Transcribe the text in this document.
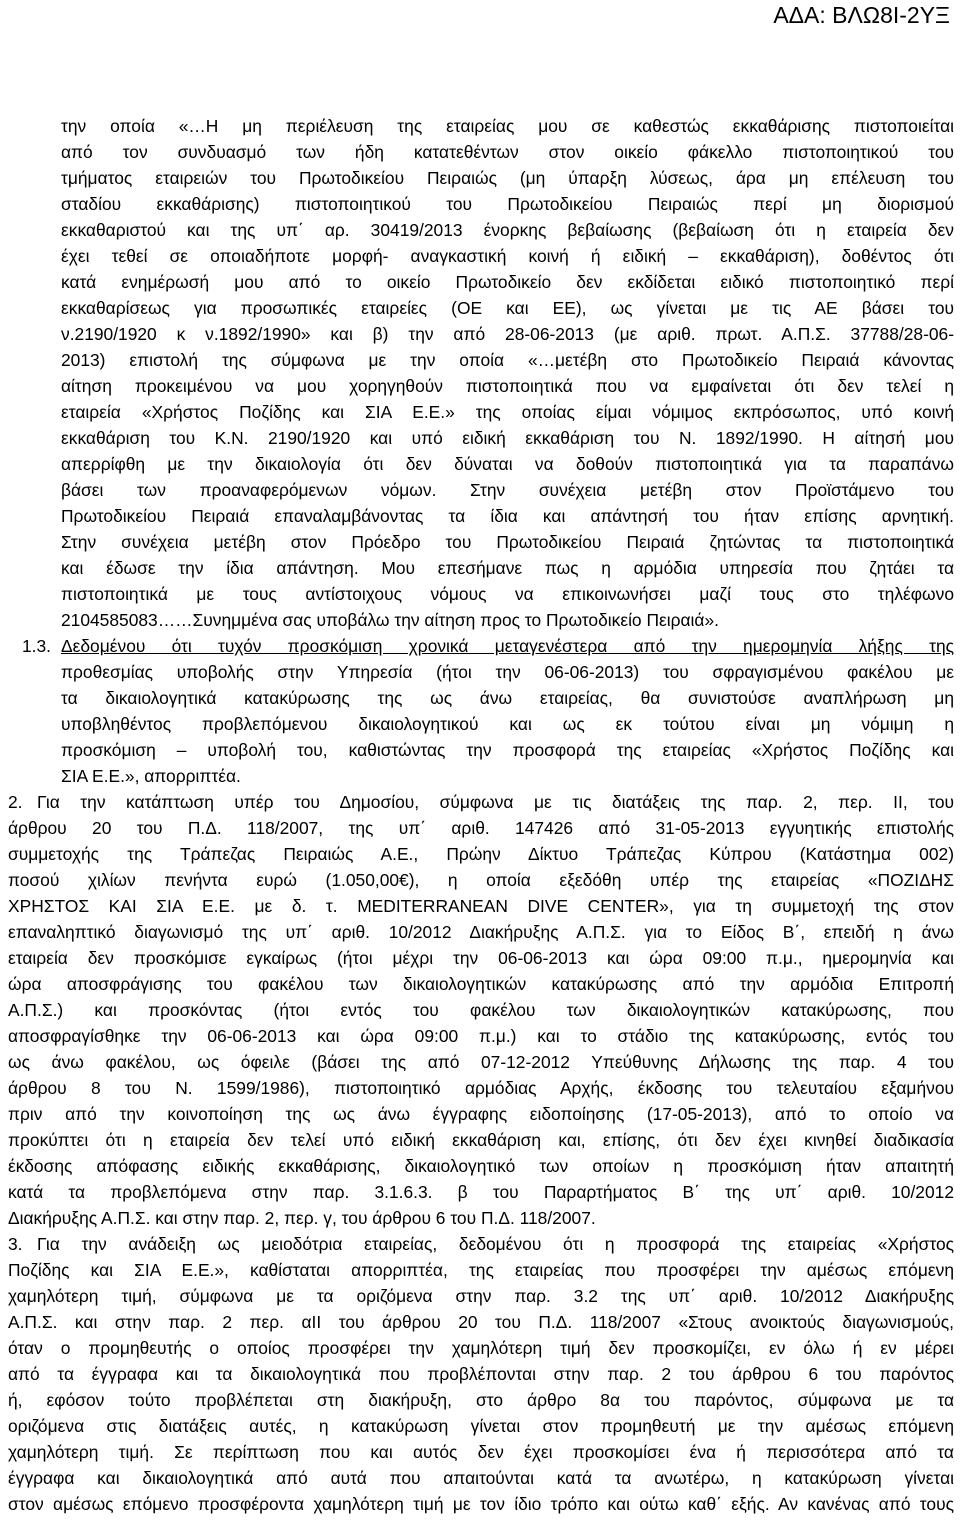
ΑΔΑ: ΒΛΩ8Ι-2ΥΞ
την οποία «…Η μη περιέλευση της εταιρείας μου σε καθεστώς εκκαθάρισης πιστοποιείται
από τον συνδυασμό των ήδη κατατεθέντων στον οικείο φάκελλο πιστοποιητικού του
τμήματος εταιρειών του Πρωτοδικείου Πειραιώς (μη ύπαρξη λύσεως, άρα μη επέλευση του
σταδίου εκκαθάρισης) πιστοποιητικού του Πρωτοδικείου Πειραιώς περί μη διορισμού
εκκαθαριστού και της υπ΄ αρ. 30419/2013 ένορκης βεβαίωσης (βεβαίωση ότι η εταιρεία δεν
έχει τεθεί σε οποιαδήποτε μορφή- αναγκαστική κοινή ή ειδική – εκκαθάριση), δοθέντος ότι
κατά ενημέρωσή μου από το οικείο Πρωτοδικείο δεν εκδίδεται ειδικό πιστοποιητικό περί
εκκαθαρίσεως για προσωπικές εταιρείες (ΟΕ και ΕΕ), ως γίνεται με τις ΑΕ βάσει του
ν.2190/1920 κ ν.1892/1990» και β) την από 28-06-2013 (με αριθ. πρωτ. Α.Π.Σ. 37788/28-06-
2013) επιστολή της σύμφωνα με την οποία «…μετέβη στο Πρωτοδικείο Πειραιά κάνοντας
αίτηση προκειμένου να μου χορηγηθούν πιστοποιητικά που να εμφαίνεται ότι δεν τελεί η
εταιρεία «Χρήστος Ποζίδης και ΣΙΑ Ε.Ε.» της οποίας είμαι νόμιμος εκπρόσωπος, υπό κοινή
εκκαθάριση του Κ.Ν. 2190/1920 και υπό ειδική εκκαθάριση του Ν. 1892/1990. Η αίτησή μου
απερρίφθη με την δικαιολογία ότι δεν δύναται να δοθούν πιστοποιητικά για τα παραπάνω
βάσει των προαναφερόμενων νόμων. Στην συνέχεια μετέβη στον Προϊστάμενο του
Πρωτοδικείου Πειραιά επαναλαμβάνοντας τα ίδια και απάντησή του ήταν επίσης αρνητική.
Στην συνέχεια μετέβη στον Πρόεδρο του Πρωτοδικείου Πειραιά ζητώντας τα πιστοποιητικά
και έδωσε την ίδια απάντηση. Μου επεσήμανε πως η αρμόδια υπηρεσία που ζητάει τα
πιστοποιητικά με τους αντίστοιχους νόμους να επικοινωνήσει μαζί τους στο τηλέφωνο
2104585083……Συνημμένα σας υποβάλω την αίτηση προς το Πρωτοδικείο Πειραιά».
1.3. Δεδομένου ότι τυχόν προσκόμιση χρονικά μεταγενέστερα από την ημερομηνία λήξης της
προθεσμίας υποβολής στην Υπηρεσία (ήτοι την 06-06-2013) του σφραγισμένου φακέλου με
τα δικαιολογητικά κατακύρωσης της ως άνω εταιρείας, θα συνιστούσε αναπλήρωση μη
υποβληθέντος προβλεπόμενου δικαιολογητικού και ως εκ τούτου είναι μη νόμιμη η
προσκόμιση – υποβολή του, καθιστώντας την προσφορά της εταιρείας «Χρήστος Ποζίδης και
ΣΙΑ Ε.Ε.», απορριπτέα.
2. Για την κατάπτωση υπέρ του Δημοσίου, σύμφωνα με τις διατάξεις της παρ. 2, περ. ΙΙ, του
άρθρου 20 του Π.Δ. 118/2007, της υπ΄ αριθ. 147426 από 31-05-2013 εγγυητικής επιστολής
συμμετοχής της Τράπεζας Πειραιώς Α.Ε., Πρώην Δίκτυο Τράπεζας Κύπρου (Κατάστημα 002)
ποσού χιλίων πενήντα ευρώ (1.050,00€), η οποία εξεδόθη υπέρ της εταιρείας «ΠΟΖΙΔΗΣ
ΧΡΗΣΤΟΣ ΚΑΙ ΣΙΑ Ε.Ε. με δ. τ. MEDITERRANEAN DIVE CENTER», για τη συμμετοχή της στον
επαναληπτικό διαγωνισμό της υπ΄ αριθ. 10/2012 Διακήρυξης Α.Π.Σ. για το Είδος Β΄, επειδή η άνω
εταιρεία δεν προσκόμισε εγκαίρως (ήτοι μέχρι την 06-06-2013 και ώρα 09:00 π.μ., ημερομηνία και
ώρα αποσφράγισης του φακέλου των δικαιολογητικών κατακύρωσης από την αρμόδια Επιτροπή
Α.Π.Σ.) και προσκόντας (ήτοι εντός του φακέλου των δικαιολογητικών κατακύρωσης, που
αποσφραγίσθηκε την 06-06-2013 και ώρα 09:00 π.μ.) και το στάδιο της κατακύρωσης, εντός του
ως άνω φακέλου, ως όφειλε (βάσει της από 07-12-2012 Υπεύθυνης Δήλωσης της παρ. 4 του
άρθρου 8 του Ν. 1599/1986), πιστοποιητικό αρμόδιας Αρχής, έκδοσης του τελευταίου εξαμήνου
πριν από την κοινοποίηση της ως άνω έγγραφης ειδοποίησης (17-05-2013), από το οποίο να
προκύπτει ότι η εταιρεία δεν τελεί υπό ειδική εκκαθάριση και, επίσης, ότι δεν έχει κινηθεί διαδικασία
έκδοσης απόφασης ειδικής εκκαθάρισης, δικαιολογητικό των οποίων η προσκόμιση ήταν απαιτητή
κατά τα προβλεπόμενα στην παρ. 3.1.6.3. β του Παραρτήματος Β΄ της υπ΄ αριθ. 10/2012
Διακήρυξης Α.Π.Σ. και στην παρ. 2, περ. γ, του άρθρου 6 του Π.Δ. 118/2007.
3. Για την ανάδειξη ως μειοδότρια εταιρείας, δεδομένου ότι η προσφορά της εταιρείας «Χρήστος
Ποζίδης και ΣΙΑ Ε.Ε.», καθίσταται απορριπτέα, της εταιρείας που προσφέρει την αμέσως επόμενη
χαμηλότερη τιμή, σύμφωνα με τα οριζόμενα στην παρ. 3.2 της υπ΄ αριθ. 10/2012 Διακήρυξης
Α.Π.Σ. και στην παρ. 2 περ. αΙΙ του άρθρου 20 του Π.Δ. 118/2007 «Στους ανοικτούς διαγωνισμούς,
όταν ο προμηθευτής ο οποίος προσφέρει την χαμηλότερη τιμή δεν προσκομίζει, εν όλω ή εν μέρει
από τα έγγραφα και τα δικαιολογητικά που προβλέπονται στην παρ. 2 του άρθρου 6 του παρόντος
ή, εφόσον τούτο προβλέπεται στη διακήρυξη, στο άρθρο 8α του παρόντος, σύμφωνα με τα
οριζόμενα στις διατάξεις αυτές, η κατακύρωση γίνεται στον προμηθευτή με την αμέσως επόμενη
χαμηλότερη τιμή. Σε περίπτωση που και αυτός δεν έχει προσκομίσει ένα ή περισσότερα από τα
έγγραφα και δικαιολογητικά από αυτά που απαιτούνται κατά τα ανωτέρω, η κατακύρωση γίνεται
στον αμέσως επόμενο προσφέροντα χαμηλότερη τιμή με τον ίδιο τρόπο και ούτω καθ΄ εξής. Αν κανένας από τους
